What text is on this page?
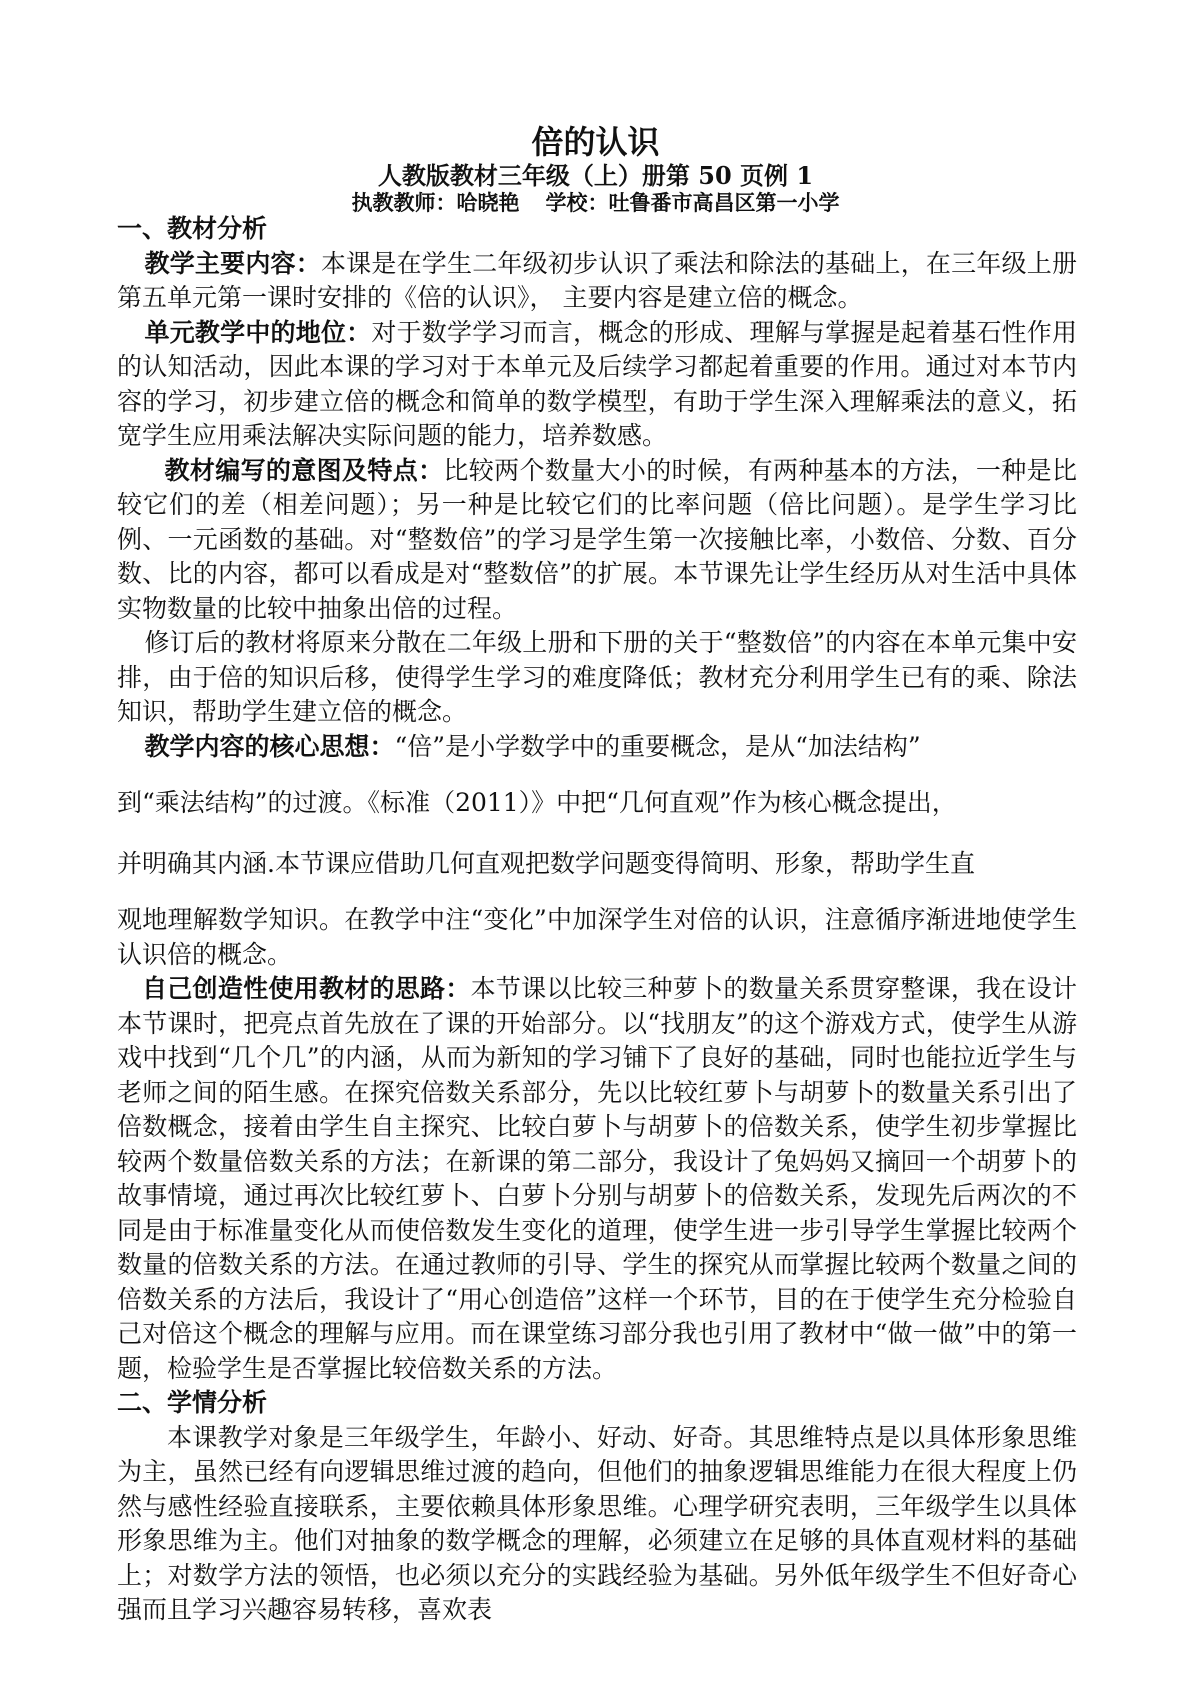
倍的认识
人教版教材三年级（上）册第 50 页例 1
执教教师：哈晓艳 学校：吐鲁番市高昌区第一小学

一、教材分析

教学主要内容：本课是在学生二年级初步认识了乘法和除法的基础上，在三年级上册第五单元第一课时安排的《倍的认识》， 主要内容是建立倍的概念。

单元教学中的地位：对于数学学习而言，概念的形成、理解与掌握是起着基石性作用的认知活动，因此本课的学习对于本单元及后续学习都起着重要的作用。通过对本节内容的学习，初步建立倍的概念和简单的数学模型，有助于学生深入理解乘法的意义，拓宽学生应用乘法解决实际问题的能力，培养数感。

教材编写的意图及特点：比较两个数量大小的时候，有两种基本的方法，一种是比较它们的差（相差问题）；另一种是比较它们的比率问题（倍比问题）。是学生学习比例、一元函数的基础。对“整数倍”的学习是学生第一次接触比率，小数倍、分数、百分数、比的内容，都可以看成是对“整数倍”的扩展。本节课先让学生经历从对生活中具体实物数量的比较中抽象出倍的过程。

修订后的教材将原来分散在二年级上册和下册的关于“整数倍”的内容在本单元集中安排，由于倍的知识后移，使得学生学习的难度降低；教材充分利用学生已有的乘、除法知识，帮助学生建立倍的概念。

教学内容的核心思想：“倍”是小学数学中的重要概念，是从“加法结构”

到“乘法结构”的过渡。《标准（2011）》中把“几何直观”作为核心概念提出，

并明确其内涵.本节课应借助几何直观把数学问题变得简明、形象，帮助学生直

观地理解数学知识。在教学中注“变化”中加深学生对倍的认识，注意循序渐进地使学生认识倍的概念。

自己创造性使用教材的思路：本节课以比较三种萝卜的数量关系贯穿整课，我在设计本节课时，把亮点首先放在了课的开始部分。以“找朋友”的这个游戏方式，使学生从游戏中找到“几个几”的内涵，从而为新知的学习铺下了良好的基础，同时也能拉近学生与老师之间的陌生感。在探究倍数关系部分，先以比较红萝卜与胡萝卜的数量关系引出了倍数概念，接着由学生自主探究、比较白萝卜与胡萝卜的倍数关系，使学生初步掌握比较两个数量倍数关系的方法；在新课的第二部分，我设计了兔妈妈又摘回一个胡萝卜的故事情境，通过再次比较红萝卜、白萝卜分别与胡萝卜的倍数关系，发现先后两次的不同是由于标准量变化从而使倍数发生变化的道理，使学生进一步引导学生掌握比较两个数量的倍数关系的方法。在通过教师的引导、学生的探究从而掌握比较两个数量之间的倍数关系的方法后，我设计了“用心创造倍”这样一个环节，目的在于使学生充分检验自己对倍这个概念的理解与应用。而在课堂练习部分我也引用了教材中“做一做”中的第一题，检验学生是否掌握比较倍数关系的方法。

二、学情分析

本课教学对象是三年级学生，年龄小、好动、好奇。其思维特点是以具体形象思维为主，虽然已经有向逻辑思维过渡的趋向，但他们的抽象逻辑思维能力在很大程度上仍然与感性经验直接联系，主要依赖具体形象思维。心理学研究表明，三年级学生以具体形象思维为主。他们对抽象的数学概念的理解，必须建立在足够的具体直观材料的基础上；对数学方法的领悟，也必须以充分的实践经验为基础。另外低年级学生不但好奇心强而且学习兴趣容易转移，喜欢表
